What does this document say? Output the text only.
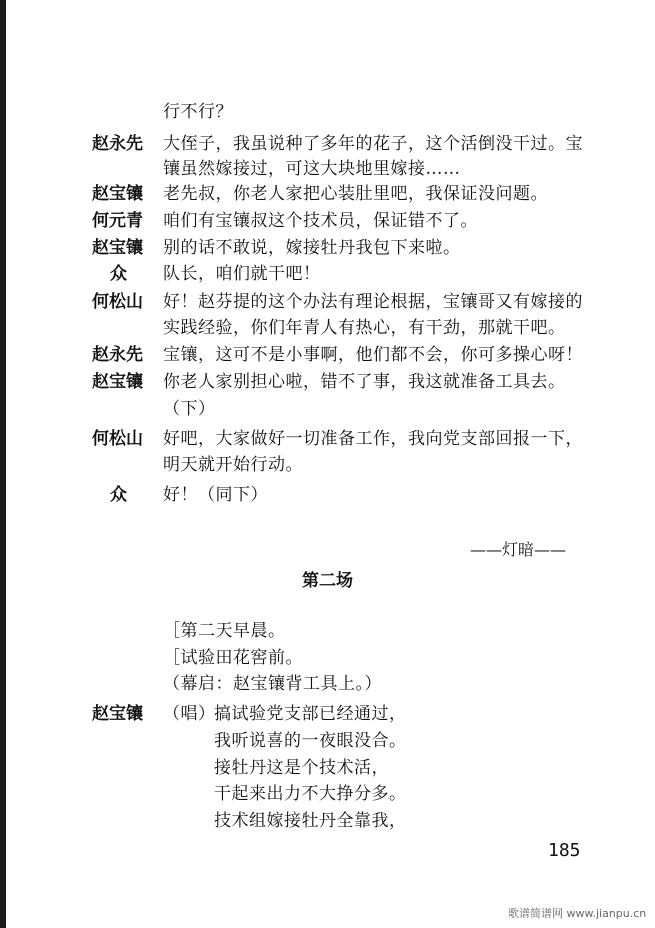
行不行？
赵永先 大侄子，我虽说种了多年的花子，这个活倒没干过。宝
镶虽然嫁接过，可这大块地里嫁接……
赵宝镶 老先叔，你老人家把心装肚里吧，我保证没问题。
何元青 咱们有宝镶叔这个技术员，保证错不了。
赵宝镶 别的话不敢说，嫁接牡丹我包下来啦。
众 队长，咱们就干吧！
何松山 好！赵芬提的这个办法有理论根据，宝镶哥又有嫁接的
实践经验，你们年青人有热心，有干劲，那就干吧。
赵永先 宝镶，这可不是小事啊，他们都不会，你可多操心呀！
赵宝镶 你老人家别担心啦，错不了事，我这就准备工具去。
（下）
何松山 好吧，大家做好一切准备工作，我向党支部回报一下，
明天就开始行动。
众 好！（同下）
——灯暗——
第二场
［第二天早晨。
［试验田花窖前。
（幕启：赵宝镶背工具上。）
赵宝镶 （唱）
搞试验党支部已经通过，
我听说喜的一夜眼没合。
接牡丹这是个技术活，
干起来出力不大挣分多。
技术组嫁接牡丹全靠我，
185
歌谱简谱网 www.jianpu.cn
